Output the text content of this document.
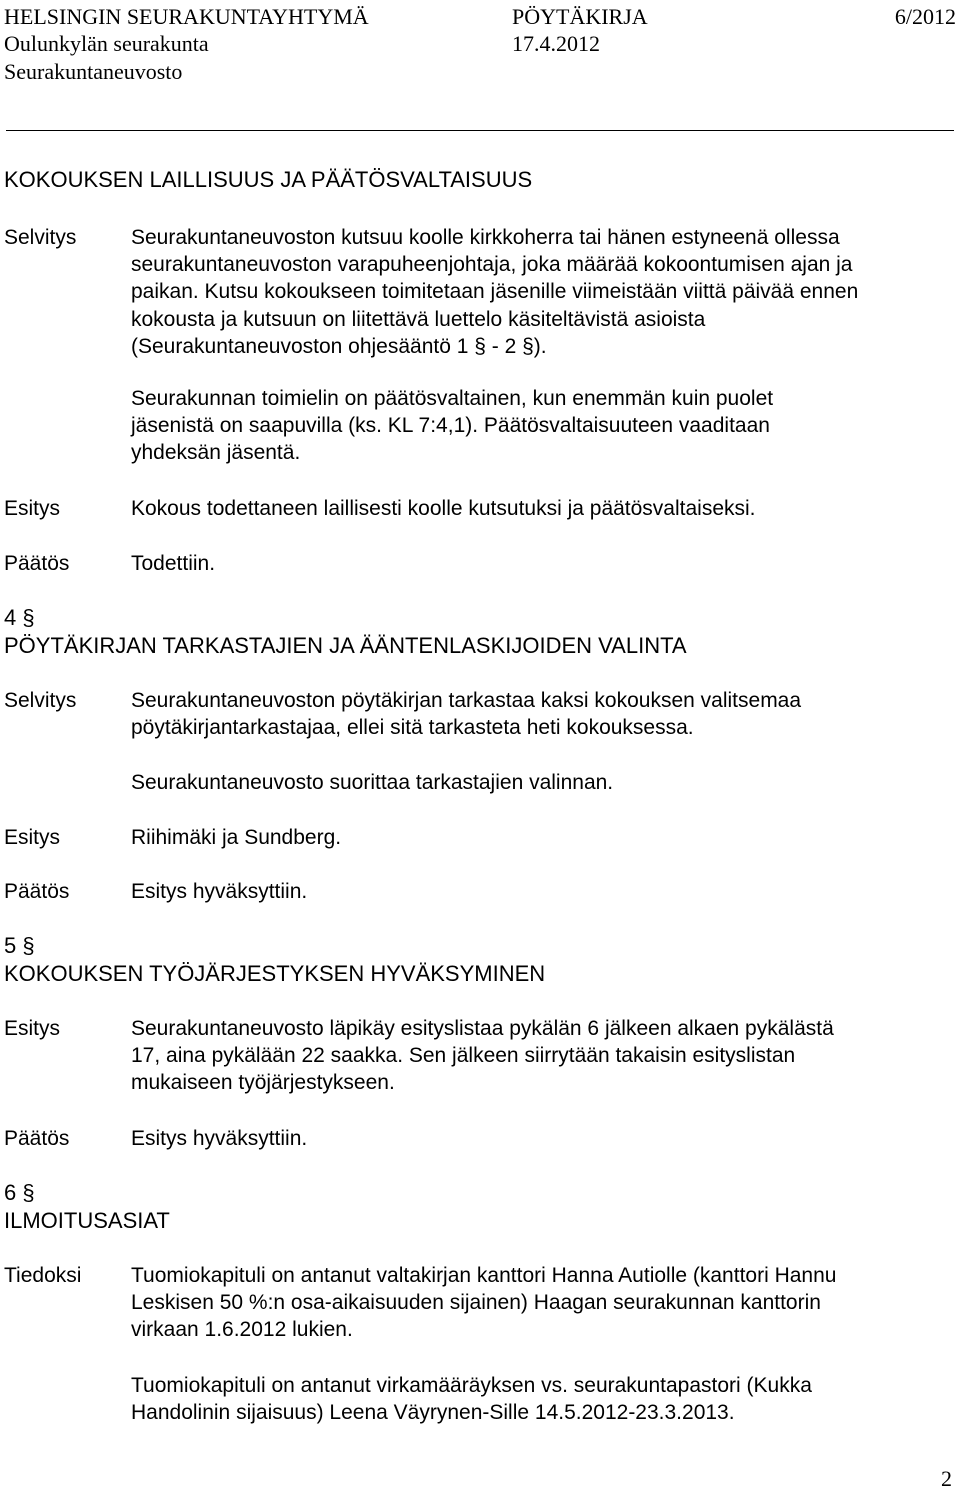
HELSINGIN SEURAKUNTAYHTYMÄ	PÖYTÄKIRJA	6/2012
Oulunkylän seurakunta	17.4.2012
Seurakuntaneuvosto
KOKOUKSEN LAILLISUUS JA PÄÄTÖSVALTAISUUS
Selvitys	Seurakuntaneuvoston kutsuu koolle kirkkoherra tai hänen estyneenä ollessa
seurakuntaneuvoston varapuheenjohtaja, joka määrää kokoontumisen ajan ja
paikan. Kutsu kokoukseen toimitetaan jäsenille viimeistään viittä päivää ennen
kokousta ja kutsuun on liitettävä luettelo käsiteltävistä asioista
(Seurakuntaneuvoston ohjesääntö 1 § - 2 §).
Seurakunnan toimielin on päätösvaltainen, kun enemmän kuin puolet
jäsenistä on saapuvilla (ks. KL 7:4,1). Päätösvaltaisuuteen vaaditaan
yhdeksän jäsentä.
Esitys	Kokous todettaneen laillisesti koolle kutsutuksi ja päätösvaltaiseksi.
Päätös	Todettiin.
4 §
PÖYTÄKIRJAN TARKASTAJIEN JA ÄÄNTENLASKIJOIDEN VALINTA
Selvitys	Seurakuntaneuvoston pöytäkirjan tarkastaa kaksi kokouksen valitsemaa
pöytäkirjantarkastajaa, ellei sitä tarkasteta heti kokouksessa.
Seurakuntaneuvosto suorittaa tarkastajien valinnan.
Esitys	Riihimäki ja Sundberg.
Päätös	Esitys hyväksyttiin.
5 §
KOKOUKSEN TYÖJÄRJESTYKSEN HYVÄKSYMINEN
Esitys	Seurakuntaneuvosto läpikäy esityslistaa pykälän 6 jälkeen alkaen pykälästä
17, aina pykälään 22 saakka. Sen jälkeen siirrytään takaisin esityslistan
mukaiseen työjärjestykseen.
Päätös	Esitys hyväksyttiin.
6 §
ILMOITUSASIAT
Tiedoksi Tuomiokapituli on antanut valtakirjan kanttori Hanna Autiolle (kanttori Hannu
Leskisen 50 %:n osa-aikaisuuden sijainen) Haagan seurakunnan kanttorin
virkaan 1.6.2012 lukien.
Tuomiokapituli on antanut virkamääräyksen vs. seurakuntapastori (Kukka
Handolinin sijaisuus) Leena Väyrynen-Sille 14.5.2012-23.3.2013.
2
